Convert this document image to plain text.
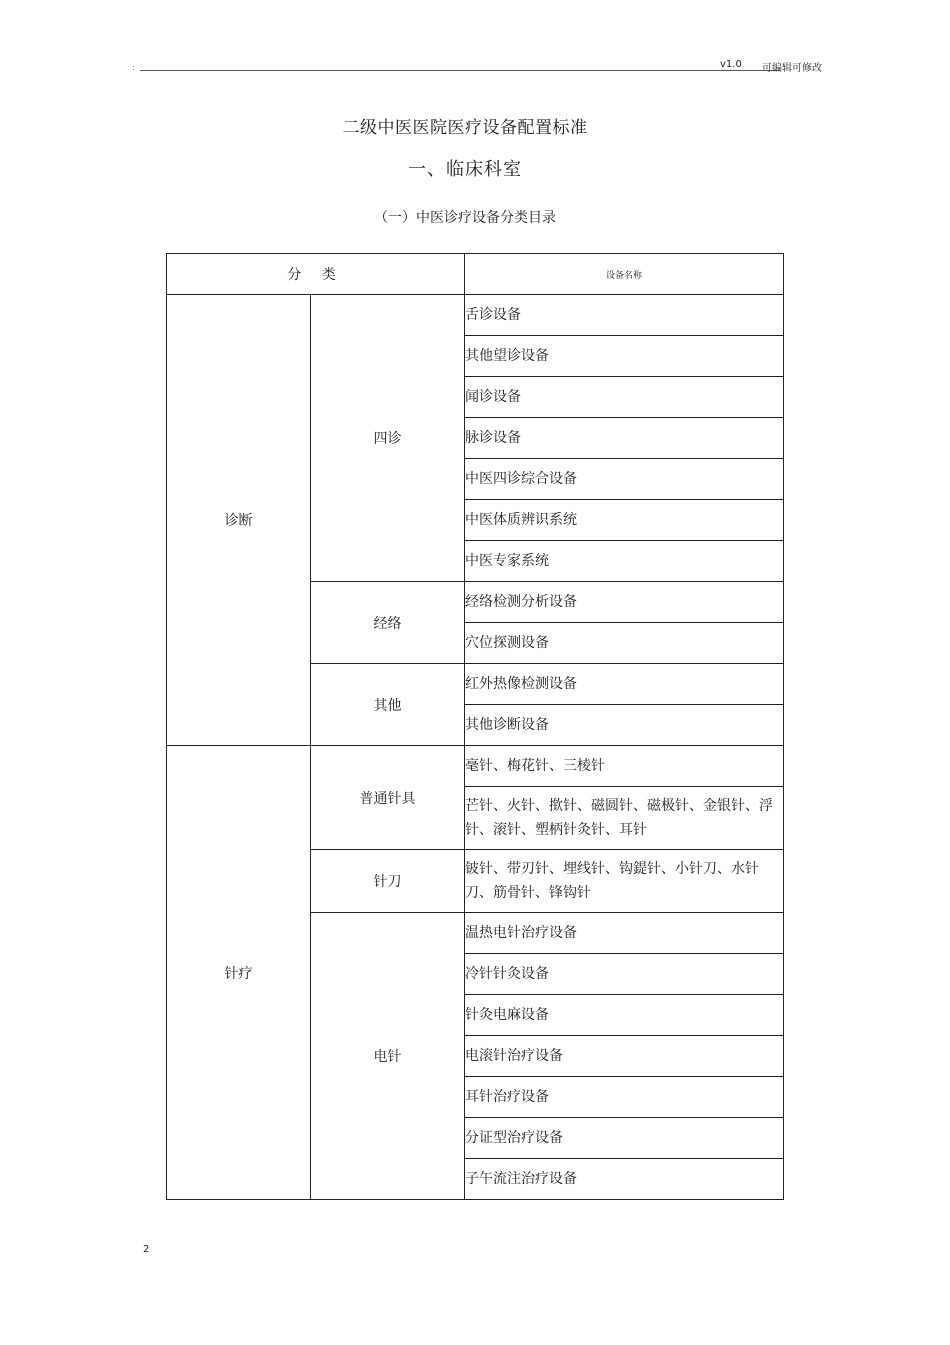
:	v1.0 可编辑可修改
二级中医医院医疗设备配置标准
一、临床科室
（一）中医诊疗设备分类目录
分 类		设备名称
诊断	四诊	舌诊设备
		其他望诊设备
		闻诊设备
		脉诊设备
		中医四诊综合设备
		中医体质辨识系统
		中医专家系统
	经络	经络检测分析设备
		穴位探测设备
	其他	红外热像检测设备
		其他诊断设备
针疗	普通针具	毫针、梅花针、三棱针
		芒针、火针、揿针、磁圆针、磁极针、金银针、浮针、滚针、塑柄针灸针、耳针
	针刀	铍针、带刃针、埋线针、钩鍉针、小针刀、水针刀、筋骨针、锋钩针
	电针	温热电针治疗设备
		冷针针灸设备
		针灸电麻设备
		电滚针治疗设备
		耳针治疗设备
		分证型治疗设备
		子午流注治疗设备
2
